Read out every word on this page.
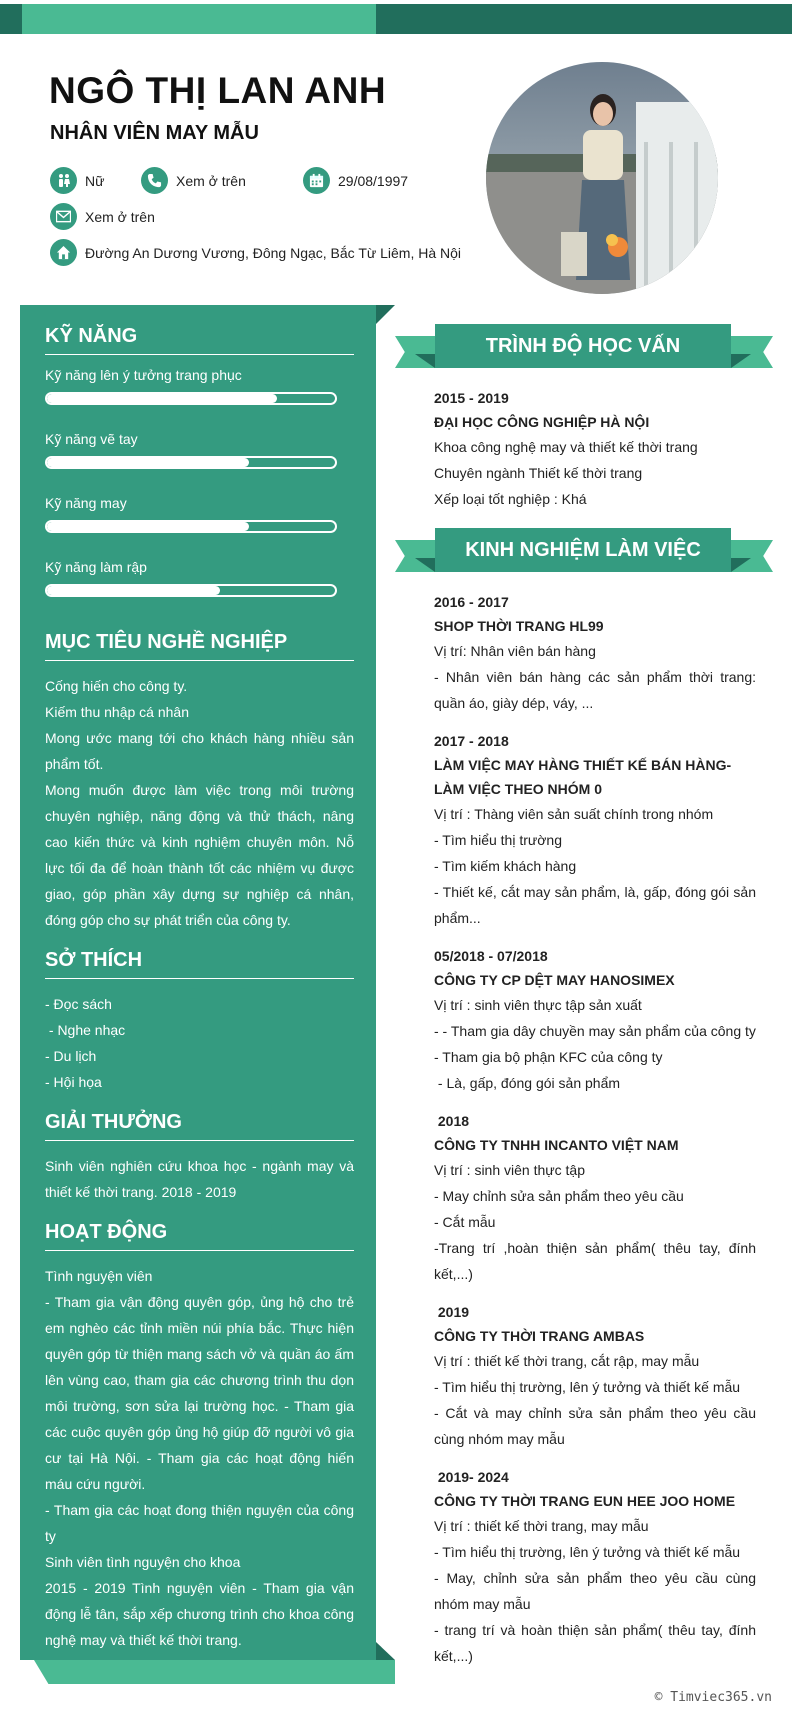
NGÔ THỊ LAN ANH
NHÂN VIÊN MAY MẪU
Nữ	Xem ở trên	29/08/1997
Xem ở trên
Đường An Dương Vương, Đông Ngạc, Bắc Từ Liêm, Hà Nội
KỸ NĂNG
Kỹ năng lên ý tưởng trang phục
Kỹ năng vẽ tay
Kỹ năng may
Kỹ năng làm rập
MỤC TIÊU NGHỀ NGHIỆP
Cống hiến cho công ty.
Kiếm thu nhập cá nhân
Mong ước mang tới cho khách hàng nhiều sản phẩm tốt.
Mong muốn được làm việc trong môi trường chuyên nghiệp, năng động và thử thách, nâng cao kiến thức và kinh nghiệm chuyên môn. Nỗ lực tối đa để hoàn thành tốt các nhiệm vụ được giao, góp phần xây dựng sự nghiệp cá nhân, đóng góp cho sự phát triển của công ty.
SỞ THÍCH
- Đọc sách
- Nghe nhạc
- Du lịch
- Hội họa
GIẢI THƯỞNG
Sinh viên nghiên cứu khoa học - ngành may và thiết kế thời trang. 2018 - 2019
HOẠT ĐỘNG
Tình nguyện viên
- Tham gia vận động quyên góp, ủng hộ cho trẻ em nghèo các tỉnh miền núi phía bắc. Thực hiện quyên góp từ thiện mang sách vở và quần áo ấm lên vùng cao, tham gia các chương trình thu dọn môi trường, sơn sửa lại trường học. - Tham gia các cuộc quyên góp ủng hộ giúp đỡ người vô gia cư tại Hà Nội. - Tham gia các hoạt động hiến máu cứu người.
- Tham gia các hoạt đong thiện nguyện của công ty
Sinh viên tình nguyện cho khoa
2015 - 2019 Tình nguyện viên - Tham gia vận động lễ tân, sắp xếp chương trình cho khoa công nghệ may và thiết kế thời trang.
TRÌNH ĐỘ HỌC VẤN
2015 - 2019
ĐẠI HỌC CÔNG NGHIỆP HÀ NỘI
Khoa công nghệ may và thiết kế thời trang
Chuyên ngành Thiết kế thời trang
Xếp loại tốt nghiệp : Khá
KINH NGHIỆM LÀM VIỆC
2016 - 2017
SHOP THỜI TRANG HL99
Vị trí: Nhân viên bán hàng
- Nhân viên bán hàng các sản phẩm thời trang: quần áo, giày dép, váy, ...
2017 - 2018
LÀM VIỆC MAY HÀNG THIẾT KẾ BÁN HÀNG- LÀM VIỆC THEO NHÓM 0
Vị trí : Thàng viên sản suất chính trong nhóm
- Tìm hiểu thị trường
- Tìm kiếm khách hàng
- Thiết kế, cắt may sản phẩm, là, gấp, đóng gói sản phẩm...
05/2018 - 07/2018
CÔNG TY CP DỆT MAY HANOSIMEX
Vị trí : sinh viên thực tập sản xuất
- - Tham gia dây chuyền may sản phẩm của công ty
- Tham gia bộ phận KFC của công ty
- Là, gấp, đóng gói sản phẩm
2018
CÔNG TY TNHH INCANTO VIỆT NAM
Vị trí : sinh viên thực tập
- May chỉnh sửa sản phẩm theo yêu cầu
- Cắt mẫu
-Trang trí ,hoàn thiện sản phẩm( thêu tay, đính kết,...)
2019
CÔNG TY THỜI TRANG AMBAS
Vị trí : thiết kế thời trang, cắt rập, may mẫu
- Tìm hiểu thị trường, lên ý tưởng và thiết kế mẫu
- Cắt và may chỉnh sửa sản phẩm theo yêu cầu cùng nhóm may mẫu
2019- 2024
CÔNG TY THỜI TRANG EUN HEE JOO HOME
Vị trí : thiết kế thời trang, may mẫu
- Tìm hiểu thị trường, lên ý tưởng và thiết kế mẫu
- May, chỉnh sửa sản phẩm theo yêu cầu cùng nhóm may mẫu
- trang trí và hoàn thiện sản phẩm( thêu tay, đính kết,...)
© Timviec365.vn
